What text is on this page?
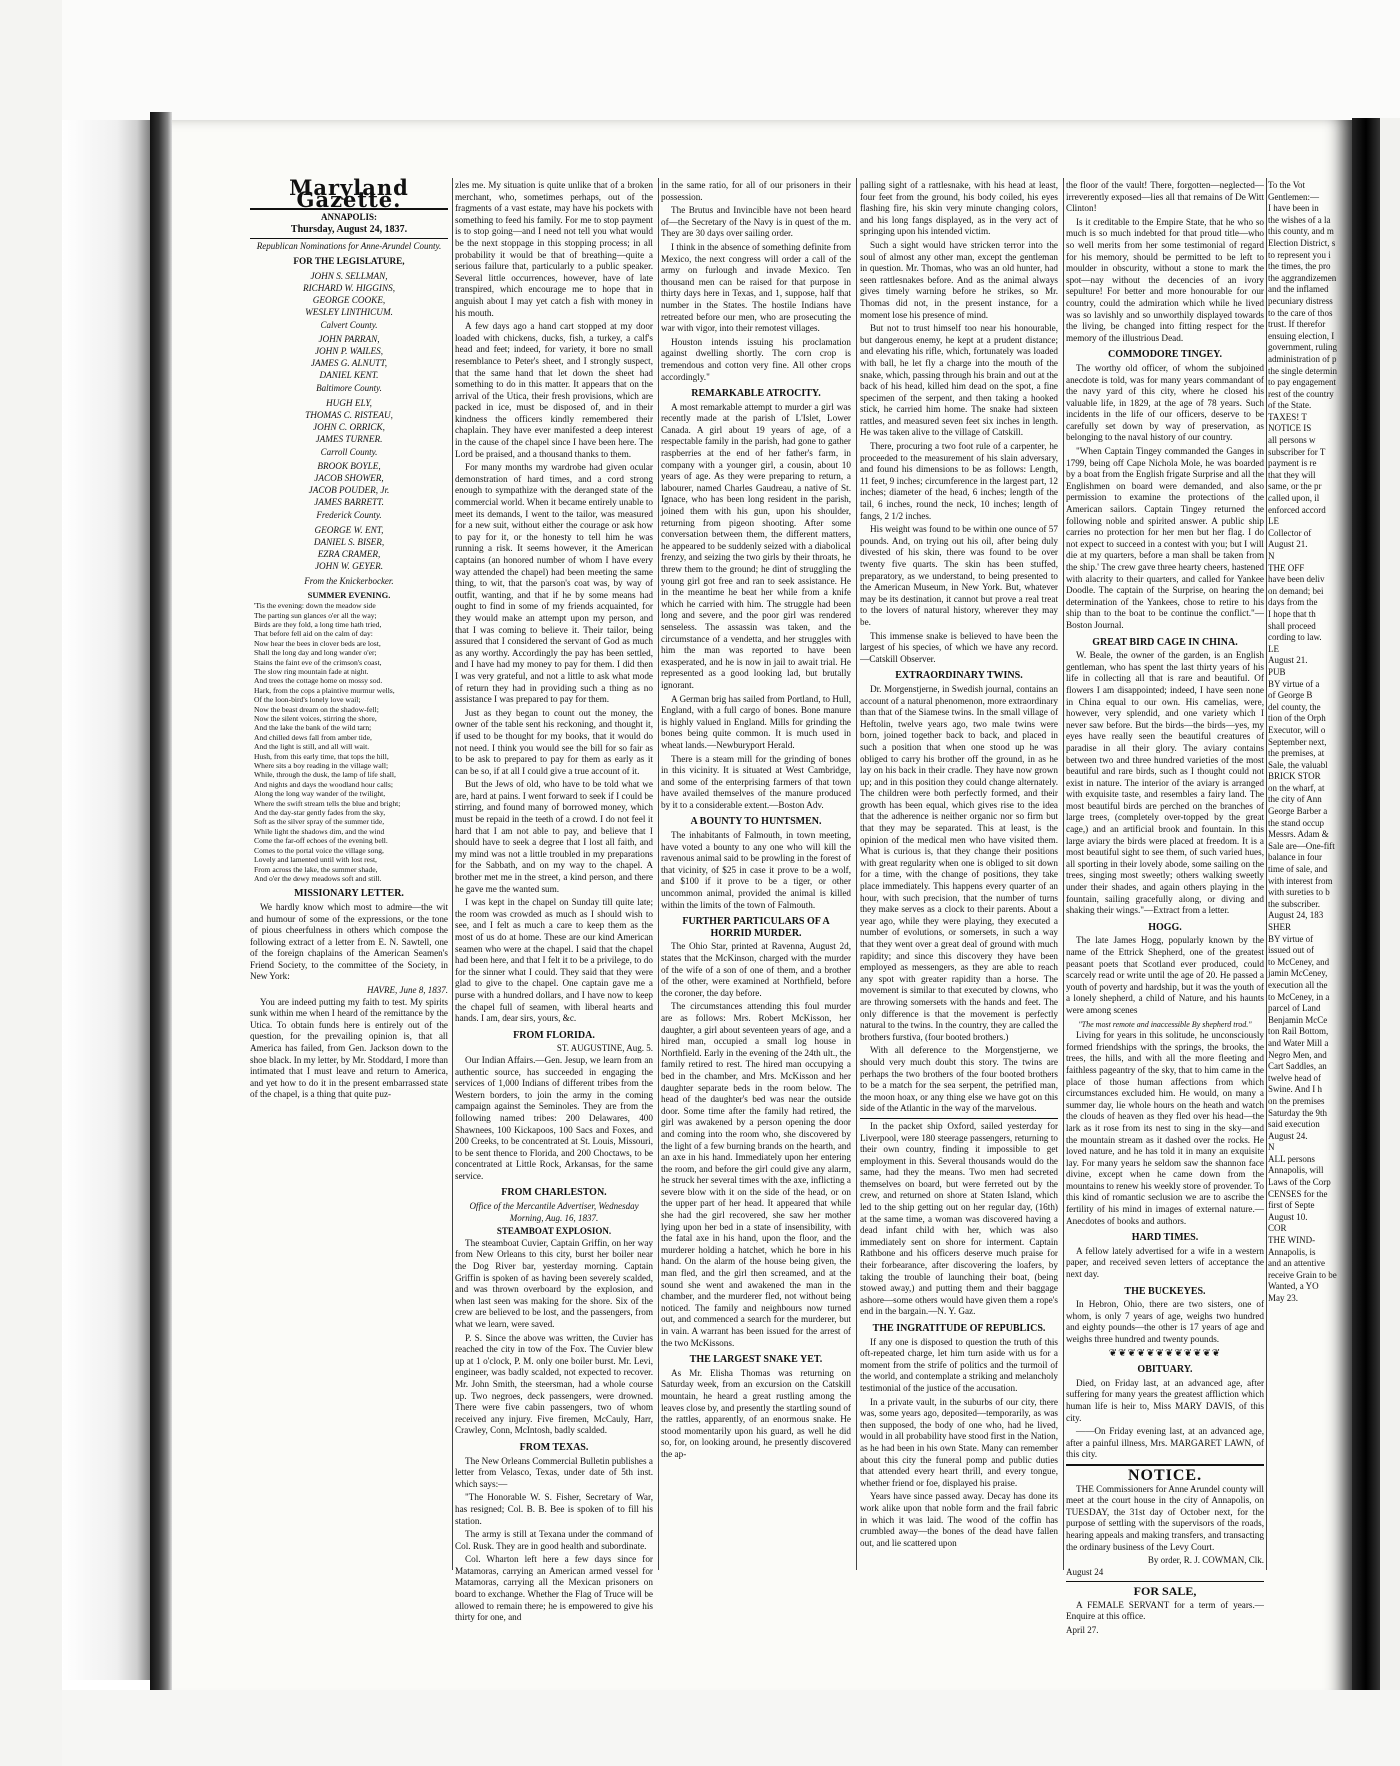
Maryland Gazette.
ANNAPOLIS:
Thursday, August 24, 1837.
Republican Nominations for Anne-Arundel County.
FOR THE LEGISLATURE,
JOHN S. SELLMAN,
RICHARD W. HIGGINS,
GEORGE COOKE,
WESLEY LINTHICUM.
Calvert County.
JOHN PARRAN,
JOHN P. WAILES,
JAMES G. ALNUTT,
DANIEL KENT.
Baltimore County.
HUGH ELY,
THOMAS C. RISTEAU,
JOHN C. ORRICK,
JAMES TURNER.
Carroll County.
BROOK BOYLE,
JACOB SHOWER,
JACOB POUDER, Jr.
JAMES BARRETT.
Frederick County.
GEORGE W. ENT,
DANIEL S. BISER,
EZRA CRAMER,
JOHN W. GEYER.
From the Knickerbocker.
SUMMER EVENING.
'Tis the evening: down the meadow side
The parting sun glances o'er all the way;
Birds are they fold, a long time hath tried,
That before fell aid on the calm of day:
Now hear the bees in clover beds are lost,
Shall the long day and long wander o'er;
Stains the faint eve of the crimson's coast,
The slow ring mountain fade at night.
And trees the cottage home on mossy sod.
Hark, from the cops a plaintive murmur wells,
Of the loon-bird's lonely love wail;
Now the beast dream on the shadow-fell;
Now the silent voices, stirring the shore,
And the lake the bank of the wild tarn;
And chilled dews fall from amber tide,
And the light is still, and all will wait.
Hush, from this early time, that tops the hill,
Where sits a boy reading in the village wall;
While, through the dusk, the lamp of life shall,
And nights and days the woodland hour calls;
Along the long way wander of the twilight,
Where the swift stream tells the blue and bright;
And the day-star gently fades from the sky,
Soft as the silver spray of the summer tide,
While light the shadows dim, and the wind
Come the far-off echoes of the evening bell.
Comes to the portal voice the village song,
Lovely and lamented until with lost rest,
From across the lake, the summer shade,
And o'er the dewy meadows soft and still.
MISSIONARY LETTER.

We hardly know which most to admire—the wit and humour of some of the expressions, or the tone of pious cheerfulness in others which compose the following extract of a letter from E. N. Sawtell, one of the foreign chaplains of the American Seamen's Friend Society, to the committee of the Society, in New York:

HAVRE, June 8, 1837.

You are indeed putting my faith to test. My spirits sunk within me when I heard of the remittance by the Utica. To obtain funds here is entirely out of the question, for the prevailing opinion is, that all America has failed, from Gen. Jackson down to the shoe black. In my letter, by Mr. Stoddard, I more than intimated that I must leave and return to America, and yet how to do it in the present embarrassed state of the chapel, is a thing that quite puz-

zles me. My situation is quite unlike that of a broken merchant, who, sometimes perhaps, out of the fragments of a vast estate, may have his pockets with something to feed his family. For me to stop payment is to stop going—and I need not tell you what would be the next stoppage in this stopping process; in all probability it would be that of breathing—quite a serious failure that, particularly to a public speaker. Several little occurrences, however, have of late transpired, which encourage me to hope that in anguish about I may yet catch a fish with money in his mouth.

A few days ago a hand cart stopped at my door loaded with chickens, ducks, fish, a turkey, a calf's head and feet; indeed, for variety, it bore no small resemblance to Peter's sheet, and I strongly suspect, that the same hand that let down the sheet had something to do in this matter. It appears that on the arrival of the Utica, their fresh provisions, which are packed in ice, must be disposed of, and in their kindness the officers kindly remembered their chaplain. They have ever manifested a deep interest in the cause of the chapel since I have been here. The Lord be praised, and a thousand thanks to them.

For many months my wardrobe had given ocular demonstration of hard times, and a cord strong enough to sympathize with the deranged state of the commercial world. When it became entirely unable to meet its demands, I went to the tailor, was measured for a new suit, without either the courage or ask how to pay for it, or the honesty to tell him he was running a risk. It seems however, it the American captains (an honored number of whom I have every way attended the chapel) had been meeting the same thing, to wit, that the parson's coat was, by way of outfit, wanting, and that if he by some means had ought to find in some of my friends acquainted, for they would make an attempt upon my person, and that I was coming to believe it. Their tailor, being assured that I considered the servant of God as much as any worthy. Accordingly the pay has been settled, and I have had my money to pay for them. I did then I was very grateful, and not a little to ask what mode of return they had in providing such a thing as no assistance I was prepared to pay for them.

Just as they began to count out the money, the owner of the table sent his reckoning, and thought it, if used to be thought for my books, that it would do not need. I think you would see the bill for so fair as to be ask to prepared to pay for them as early as it can be so, if at all I could give a true account of it.

But the Jews of old, who have to be told what we are, hard at pains. I went forward to seek if I could be stirring, and found many of borrowed money, which must be repaid in the teeth of a crowd. I do not feel it hard that I am not able to pay, and believe that I should have to seek a degree that I lost all faith, and my mind was not a little troubled in my preparations for the Sabbath, and on my way to the chapel. A brother met me in the street, a kind person, and there he gave me the wanted sum.

I was kept in the chapel on Sunday till quite late; the room was crowded as much as I should wish to see, and I felt as much a care to keep them as the most of us do at home. These are our kind American seamen who were at the chapel. I said that the chapel had been here, and that I felt it to be a privilege, to do for the sinner what I could. They said that they were glad to give to the chapel. One captain gave me a purse with a hundred dollars, and I have now to keep the chapel full of seamen, with liberal hearts and hands. I am, dear sirs, yours, &c.

FROM FLORIDA.
ST. AUGUSTINE, Aug. 5.

Our Indian Affairs.—Gen. Jesup, we learn from an authentic source, has succeeded in engaging the services of 1,000 Indians of different tribes from the Western borders, to join the army in the coming campaign against the Seminoles. They are from the following named tribes: 200 Delawares, 400 Shawnees, 100 Kickapoos, 100 Sacs and Foxes, and 200 Creeks, to be concentrated at St. Louis, Missouri, to be sent thence to Florida, and 200 Choctaws, to be concentrated at Little Rock, Arkansas, for the same service.

FROM CHARLESTON.
Office of the Mercantile Advertiser, Wednesday Morning, Aug. 16, 1837.
STEAMBOAT EXPLOSION.

The steamboat Cuvier, Captain Griffin, on her way from New Orleans to this city, burst her boiler near the Dog River bar, yesterday morning. Captain Griffin is spoken of as having been severely scalded, and was thrown overboard by the explosion, and when last seen was making for the shore. Six of the crew are believed to be lost, and the passengers, from what we learn, were saved.

P. S. Since the above was written, the Cuvier has reached the city in tow of the Fox. The Cuvier blew up at 1 o'clock, P. M. only one boiler burst. Mr. Levi, engineer, was badly scalded, not expected to recover. Mr. John Smith, the steersman, had a whole course up. Two negroes, deck passengers, were drowned. There were five cabin passengers, two of whom received any injury. Five firemen, McCauly, Harr, Crawley, Conn, McIntosh, badly scalded.

FROM TEXAS.

The New Orleans Commercial Bulletin publishes a letter from Velasco, Texas, under date of 5th inst. which says:—

"The Honorable W. S. Fisher, Secretary of War, has resigned; Col. B. B. Bee is spoken of to fill his station.

The army is still at Texana under the command of Col. Rusk. They are in good health and subordinate.

Col. Wharton left here a few days since for Matamoras, carrying an American armed vessel for Matamoras, carrying all the Mexican prisoners on board to exchange. Whether the Flag of Truce will be allowed to remain there; he is empowered to give his thirty for one, and

in the same ratio, for all of our prisoners in their possession.

The Brutus and Invincible have not been heard of—the Secretary of the Navy is in quest of the m. They are 30 days over sailing order.

I think in the absence of something definite from Mexico, the next congress will order a call of the army on furlough and invade Mexico. Ten thousand men can be raised for that purpose in thirty days here in Texas, and 1, suppose, half that number in the States. The hostile Indians have retreated before our men, who are prosecuting the war with vigor, into their remotest villages.

Houston intends issuing his proclamation against dwelling shortly. The corn crop is tremendous and cotton very fine. All other crops accordingly."

REMARKABLE ATROCITY.

A most remarkable attempt to murder a girl was recently made at the parish of L'Islet, Lower Canada. A girl about 19 years of age, of a respectable family in the parish, had gone to gather raspberries at the end of her father's farm, in company with a younger girl, a cousin, about 10 years of age. As they were preparing to return, a labourer, named Charles Gaudreau, a native of St. Ignace, who has been long resident in the parish, joined them with his gun, upon his shoulder, returning from pigeon shooting. After some conversation between them, the different matters, he appeared to be suddenly seized with a diabolical frenzy, and seizing the two girls by their throats, he threw them to the ground; he dint of struggling the young girl got free and ran to seek assistance. He in the meantime he beat her while from a knife which he carried with him. The struggle had been long and severe, and the poor girl was rendered senseless. The assassin was taken, and the circumstance of a vendetta, and her struggles with him the man was reported to have been exasperated, and he is now in jail to await trial. He represented as a good looking lad, but brutally ignorant.

A German brig has sailed from Portland, to Hull, England, with a full cargo of bones. Bone manure is highly valued in England. Mills for grinding the bones being quite common. It is much used in wheat lands.—Newburyport Herald.

There is a steam mill for the grinding of bones in this vicinity. It is situated at West Cambridge, and some of the enterprising farmers of that town have availed themselves of the manure produced by it to a considerable extent.—Boston Adv.

A BOUNTY TO HUNTSMEN.

The inhabitants of Falmouth, in town meeting, have voted a bounty to any one who will kill the ravenous animal said to be prowling in the forest of that vicinity, of $25 in case it prove to be a wolf, and $100 if it prove to be a tiger, or other uncommon animal, provided the animal is killed within the limits of the town of Falmouth.

FURTHER PARTICULARS OF A HORRID MURDER.

The Ohio Star, printed at Ravenna, August 2d, states that the McKinson, charged with the murder of the wife of a son of one of them, and a brother of the other, were examined at Northfield, before the coroner, the day before.

The circumstances attending this foul murder are as follows: Mrs. Robert McKisson, her daughter, a girl about seventeen years of age, and a hired man, occupied a small log house in Northfield. Early in the evening of the 24th ult., the family retired to rest. The hired man occupying a bed in the chamber, and Mrs. McKisson and her daughter separate beds in the room below. The head of the daughter's bed was near the outside door. Some time after the family had retired, the girl was awakened by a person opening the door and coming into the room who, she discovered by the light of a few burning brands on the hearth, and an axe in his hand. Immediately upon her entering the room, and before the girl could give any alarm, he struck her several times with the axe, inflicting a severe blow with it on the side of the head, or on the upper part of her head. It appeared that while she had the girl recovered, she saw her mother lying upon her bed in a state of insensibility, with the fatal axe in his hand, upon the floor, and the murderer holding a hatchet, which he bore in his hand. On the alarm of the house being given, the man fled, and the girl then screamed, and at the sound she went and awakened the man in the chamber, and the murderer fled, not without being noticed. The family and neighbours now turned out, and commenced a search for the murderer, but in vain. A warrant has been issued for the arrest of the two McKissons.

THE LARGEST SNAKE YET.

As Mr. Elisha Thomas was returning on Saturday week, from an excursion on the Catskill mountain, he heard a great rustling among the leaves close by, and presently the startling sound of the rattles, apparently, of an enormous snake. He stood momentarily upon his guard, as well he did so, for, on looking around, he presently discovered the ap-

palling sight of a rattlesnake, with his head at least, four feet from the ground, his body coiled, his eyes flashing fire, his skin very minute changing colors, and his long fangs displayed, as in the very act of springing upon his intended victim.

Such a sight would have stricken terror into the soul of almost any other man, except the gentleman in question. Mr. Thomas, who was an old hunter, had seen rattlesnakes before. And as the animal always gives timely warning before he strikes, so Mr. Thomas did not, in the present instance, for a moment lose his presence of mind.

But not to trust himself too near his honourable, but dangerous enemy, he kept at a prudent distance; and elevating his rifle, which, fortunately was loaded with ball, he let fly a charge into the mouth of the snake, which, passing through his brain and out at the back of his head, killed him dead on the spot, a fine specimen of the serpent, and then taking a hooked stick, he carried him home. The snake had sixteen rattles, and measured seven feet six inches in length. He was taken alive to the village of Catskill.

There, procuring a two foot rule of a carpenter, he proceeded to the measurement of his slain adversary, and found his dimensions to be as follows: Length, 11 feet, 9 inches; circumference in the largest part, 12 inches; diameter of the head, 6 inches; length of the tail, 6 inches, round the neck, 10 inches; length of fangs, 2 1/2 inches.

His weight was found to be within one ounce of 57 pounds. And, on trying out his oil, after being duly divested of his skin, there was found to be over twenty five quarts. The skin has been stuffed, preparatory, as we understand, to being presented to the American Museum, in New York. But, whatever may be its destination, it cannot but prove a real treat to the lovers of natural history, wherever they may be.

This immense snake is believed to have been the largest of his species, of which we have any record.—Catskill Observer.

EXTRAORDINARY TWINS.

Dr. Morgenstjerne, in Swedish journal, contains an account of a natural phenomenon, more extraordinary than that of the Siamese twins. In the small village of Heftolin, twelve years ago, two male twins were born, joined together back to back, and placed in such a position that when one stood up he was obliged to carry his brother off the ground, in as he lay on his back in their cradle. They have now grown up; and in this position they could change alternately. The children were both perfectly formed, and their growth has been equal, which gives rise to the idea that the adherence is neither organic nor so firm but that they may be separated. This at least, is the opinion of the medical men who have visited them. What is curious is, that they change their positions with great regularity when one is obliged to sit down for a time, with the change of positions, they take place immediately. This happens every quarter of an hour, with such precision, that the number of turns they make serves as a clock to their parents. About a year ago, while they were playing, they executed a number of evolutions, or somersets, in such a way that they went over a great deal of ground with much rapidity; and since this discovery they have been employed as messengers, as they are able to reach any spot with greater rapidity than a horse. The movement is similar to that executed by clowns, who are throwing somersets with the hands and feet. The only difference is that the movement is perfectly natural to the twins. In the country, they are called the brothers furstiva, (four booted brothers.)

With all deference to the Morgenstjerne, we should very much doubt this story. The twins are perhaps the two brothers of the four booted brothers to be a match for the sea serpent, the petrified man, the moon hoax, or any thing else we have got on this side of the Atlantic in the way of the marvelous.

In the packet ship Oxford, sailed yesterday for Liverpool, were 180 steerage passengers, returning to their own country, finding it impossible to get employment in this. Several thousands would do the same, had they the means. Two men had secreted themselves on board, but were ferreted out by the crew, and returned on shore at Staten Island, which led to the ship getting out on her regular day, (16th) at the same time, a woman was discovered having a dead infant child with her, which was also immediately sent on shore for interment. Captain Rathbone and his officers deserve much praise for their forbearance, after discovering the loafers, by taking the trouble of launching their boat, (being stowed away,) and putting them and their baggage ashore—some others would have given them a rope's end in the bargain.—N. Y. Gaz.

THE INGRATITUDE OF REPUBLICS.

If any one is disposed to question the truth of this oft-repeated charge, let him turn aside with us for a moment from the strife of politics and the turmoil of the world, and contemplate a striking and melancholy testimonial of the justice of the accusation.

In a private vault, in the suburbs of our city, there was, some years ago, deposited—temporarily, as was then supposed, the body of one who, had he lived, would in all probability have stood first in the Nation, as he had been in his own State. Many can remember about this city the funeral pomp and public duties that attended every heart thrill, and every tongue, whether friend or foe, displayed his praise.

Years have since passed away. Decay has done its work alike upon that noble form and the frail fabric in which it was laid. The wood of the coffin has crumbled away—the bones of the dead have fallen out, and lie scattered upon

the floor of the vault! There, forgotten—neglected—irreverently exposed—lies all that remains of De Witt Clinton!

Is it creditable to the Empire State, that he who so much is so much indebted for that proud title—who so well merits from her some testimonial of regard for his memory, should be permitted to be left to moulder in obscurity, without a stone to mark the spot—nay without the decencies of an ivory sepulture! For better and more honourable for our country, could the admiration which while he lived was so lavishly and so unworthily displayed towards the living, be changed into fitting respect for the memory of the illustrious Dead.

COMMODORE TINGEY.

The worthy old officer, of whom the subjoined anecdote is told, was for many years commandant of the navy yard of this city, where he closed his valuable life, in 1829, at the age of 78 years. Such incidents in the life of our officers, deserve to be carefully set down by way of preservation, as belonging to the naval history of our country.

"When Captain Tingey commanded the Ganges in 1799, being off Cape Nichola Mole, he was boarded by a boat from the English frigate Surprise and all the Englishmen on board were demanded, and also permission to examine the protections of the American sailors. Captain Tingey returned the following noble and spirited answer. A public ship carries no protection for her men but her flag. I do not expect to succeed in a contest with you; but I will die at my quarters, before a man shall be taken from the ship.' The crew gave three hearty cheers, hastened with alacrity to their quarters, and called for Yankee Doodle. The captain of the Surprise, on hearing the determination of the Yankees, chose to retire to his ship than to the boat to be continue the conflict."—Boston Journal.

GREAT BIRD CAGE IN CHINA.

W. Beale, the owner of the garden, is an English gentleman, who has spent the last thirty years of his life in collecting all that is rare and beautiful. Of flowers I am disappointed; indeed, I have seen none in China equal to our own. His camelias, were, however, very splendid, and one variety which I never saw before. But the birds—the birds—yes, my eyes have really seen the beautiful creatures of paradise in all their glory. The aviary contains between two and three hundred varieties of the most beautiful and rare birds, such as I thought could not exist in nature. The interior of the aviary is arranged with exquisite taste, and resembles a fairy land. The most beautiful birds are perched on the branches of large trees, (completely over-topped by the great cage,) and an artificial brook and fountain. In this large aviary the birds were placed at freedom. It is a most beautiful sight to see them, of such varied hues, all sporting in their lovely abode, some sailing on the trees, singing most sweetly; others walking sweetly under their shades, and again others playing in the fountain, sailing gracefully along, or diving and shaking their wings."—Extract from a letter.

HOGG.

The late James Hogg, popularly known by the name of the Ettrick Shepherd, one of the greatest peasant poets that Scotland ever produced, could scarcely read or write until the age of 20. He passed a youth of poverty and hardship, but it was the youth of a lonely shepherd, a child of Nature, and his haunts were among scenes

"The most remote and inaccessible By shepherd trod."

Living for years in this solitude, he unconsciously formed friendships with the springs, the brooks, the trees, the hills, and with all the more fleeting and faithless pageantry of the sky, that to him came in the place of those human affections from which circumstances excluded him. He would, on many a summer day, lie whole hours on the heath and watch the clouds of heaven as they fled over his head—the lark as it rose from its nest to sing in the sky—and the mountain stream as it dashed over the rocks. He loved nature, and he has told it in many an exquisite lay. For many years he seldom saw the shannon face divine, except when he came down from the mountains to renew his weekly store of provender. To this kind of romantic seclusion we are to ascribe the fertility of his mind in images of external nature.—Anecdotes of books and authors.

HARD TIMES.

A fellow lately advertised for a wife in a western paper, and received seven letters of acceptance the next day.

THE BUCKEYES.

In Hebron, Ohio, there are two sisters, one of whom, is only 7 years of age, weighs two hundred and eighty pounds—the other is 17 years of age and weighs three hundred and twenty pounds.

❦❦❦❦❦❦❦❦❦❦❦❦
OBITUARY.

Died, on Friday last, at an advanced age, after suffering for many years the greatest affliction which human life is heir to, Miss MARY DAVIS, of this city.

——On Friday evening last, at an advanced age, after a painful illness, Mrs. MARGARET LAWN, of this city.

NOTICE.

THE Commissioners for Anne Arundel county will meet at the court house in the city of Annapolis, on TUESDAY, the 31st day of October next, for the purpose of settling with the supervisors of the roads, hearing appeals and making transfers, and transacting the ordinary business of the Levy Court.

By order, R. J. COWMAN, Clk.
August 24
FOR SALE,

A FEMALE SERVANT for a term of years.—Enquire at this office.

April 27.
To the Vot
Gentlemen:—
I have been in
the wishes of a la
this county, and m
Election District, s
to represent you i
the times, the pro
the aggrandizemen
and the inflamed
pecuniary distress
to the care of thos
trust. If therefor
ensuing election, I
government, ruling
administration of p
the single determin
to pay engagement
rest of the country
of the State.
TAXES! T
NOTICE IS
all persons w
subscriber for T
payment is re
that they will
same, or the pr
called upon, il
enforced accord
LE
Collector of
August 21.
N
THE OFF
have been deliv
on demand; bei
days from the
I hope that th
shall proceed
cording to law.
LE
August 21.
PUB
BY virtue of a
of George B
del county, the
tion of the Orph
Executor, will o
September next,
the premises, at
Sale, the valuabl
BRICK STOR
on the wharf, at
the city of Ann
George Barber a
the stand occup
Messrs. Adam &
Sale are—One-fift
balance in four
time of sale, and
with interest from
with sureties to b
the subscriber.
August 24, 183
SHER
BY virtue of
issued out of
to McCeney, and
jamin McCeney,
execution all the
to McCeney, in a
parcel of Land
Benjamin McCe
ton Rail Bottom,
and Water Mill a
Negro Men, and
Cart Saddles, an
twelve head of
Swine. And I h
on the premises
Saturday the 9th
said execution
August 24.
N
ALL persons
Annapolis, will
Laws of the Corp
CENSES for the
first of Septe
August 10.
COR
THE WIND-
Annapolis, is
and an attentive
receive Grain to be
Wanted, a YO
May 23.
